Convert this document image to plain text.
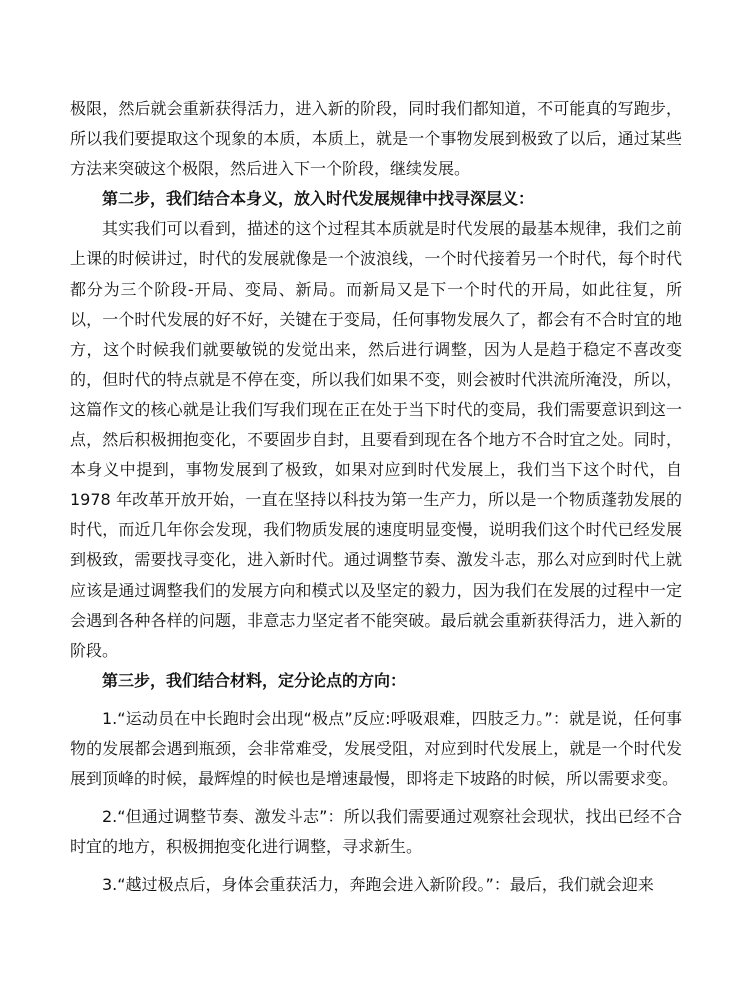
极限，然后就会重新获得活力，进入新的阶段，同时我们都知道，不可能真的写跑步，所以我们要提取这个现象的本质，本质上，就是一个事物发展到极致了以后，通过某些方法来突破这个极限，然后进入下一个阶段，继续发展。

第二步，我们结合本身义，放入时代发展规律中找寻深层义：

其实我们可以看到，描述的这个过程其本质就是时代发展的最基本规律，我们之前上课的时候讲过，时代的发展就像是一个波浪线，一个时代接着另一个时代，每个时代都分为三个阶段-开局、变局、新局。而新局又是下一个时代的开局，如此往复，所以，一个时代发展的好不好，关键在于变局，任何事物发展久了，都会有不合时宜的地方，这个时候我们就要敏锐的发觉出来，然后进行调整，因为人是趋于稳定不喜改变的，但时代的特点就是不停在变，所以我们如果不变，则会被时代洪流所淹没，所以，这篇作文的核心就是让我们写我们现在正在处于当下时代的变局，我们需要意识到这一点，然后积极拥抱变化，不要固步自封，且要看到现在各个地方不合时宜之处。同时，本身义中提到，事物发展到了极致，如果对应到时代发展上，我们当下这个时代，自 1978 年改革开放开始，一直在坚持以科技为第一生产力，所以是一个物质蓬勃发展的时代，而近几年你会发现，我们物质发展的速度明显变慢，说明我们这个时代已经发展到极致，需要找寻变化，进入新时代。通过调整节奏、激发斗志，那么对应到时代上就应该是通过调整我们的发展方向和模式以及坚定的毅力，因为我们在发展的过程中一定会遇到各种各样的问题，非意志力坚定者不能突破。最后就会重新获得活力，进入新的阶段。

第三步，我们结合材料，定分论点的方向：

1.“运动员在中长跑时会出现“极点”反应:呼吸艰难，四肢乏力。”：就是说，任何事物的发展都会遇到瓶颈，会非常难受，发展受阻，对应到时代发展上，就是一个时代发展到顶峰的时候，最辉煌的时候也是增速最慢，即将走下坡路的时候，所以需要求变。

2.“但通过调整节奏、激发斗志”：所以我们需要通过观察社会现状，找出已经不合时宜的地方，积极拥抱变化进行调整，寻求新生。

3.“越过极点后，身体会重获活力，奔跑会进入新阶段。”：最后，我们就会迎来
